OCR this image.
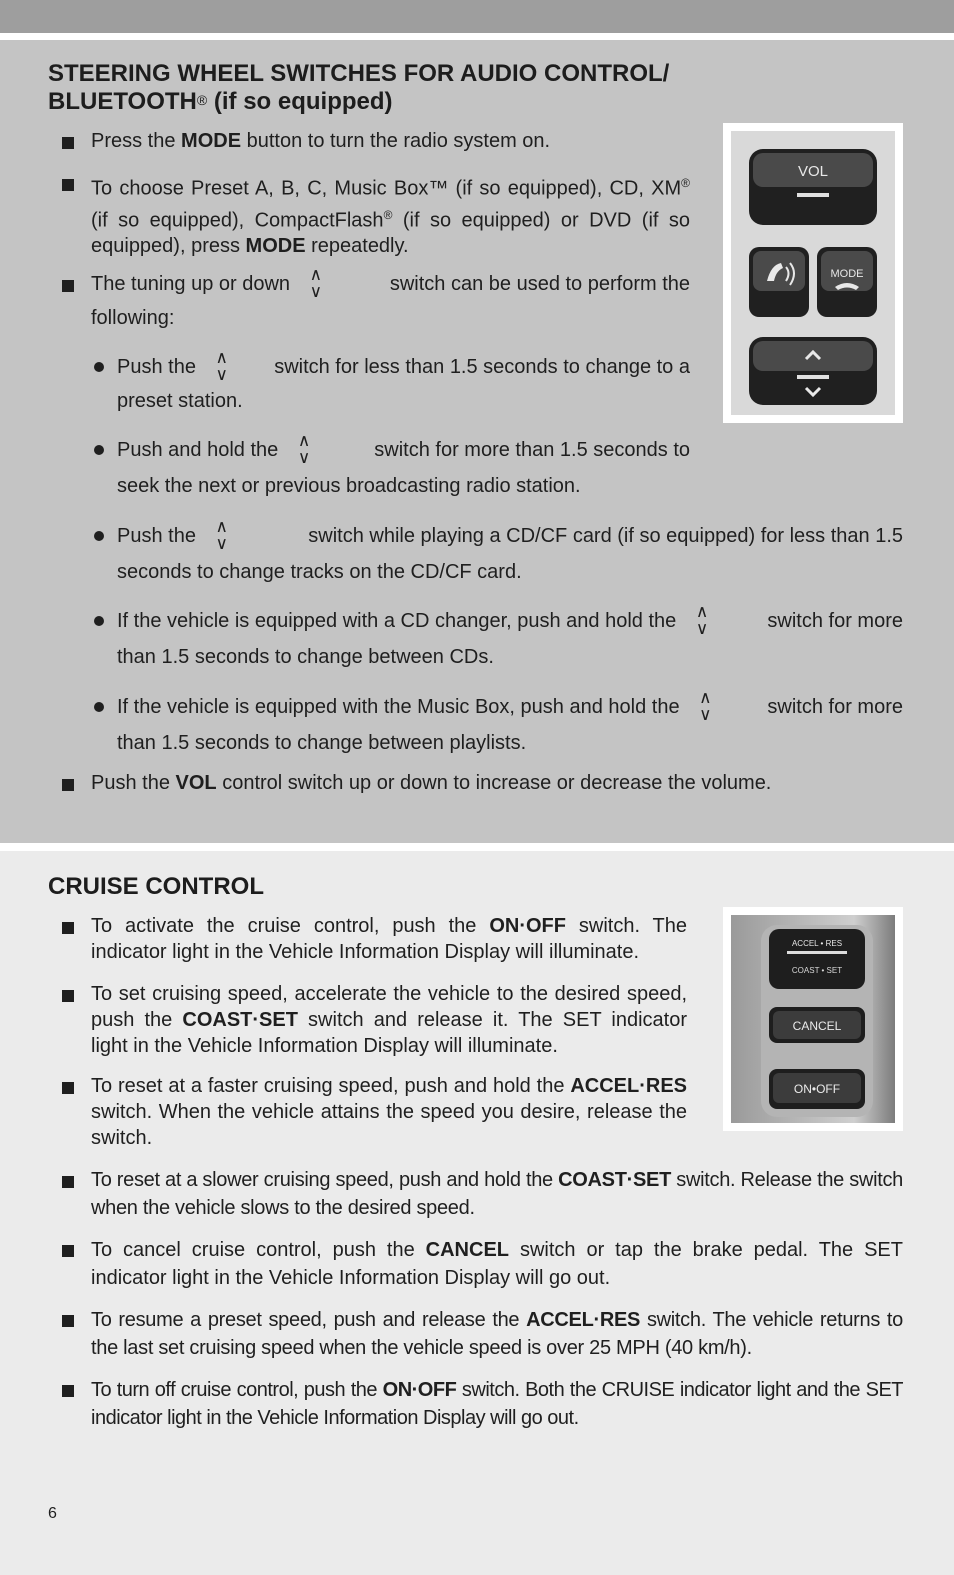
STEERING WHEEL SWITCHES FOR AUDIO CONTROL/
BLUETOOTH® (if so equipped)
VOL
MODE
Press the MODE button to turn the radio system on.
To choose Preset A, B, C, Music Box™ (if so equipped), CD, XM® (if so equipped), CompactFlash® (if so equipped) or DVD (if so equipped), press MODE repeatedly.
The tuning up or down ∧
∨	switch can be used to perform the
following:
Push the ∧
∨ switch for less than 1.5 seconds to change to a
preset station.
Push and hold the ∧
∨	switch for more than 1.5 seconds to
seek the next or previous broadcasting radio station.
Push the ∧
∨	switch while playing a CD/CF card (if so equipped) for less than 1.5
seconds to change tracks on the CD/CF card.
If the vehicle is equipped with a CD changer, push and hold the ∧
∨	switch for more
than 1.5 seconds to change between CDs.
If the vehicle is equipped with the Music Box, push and hold the ∧
∨	switch for more
than 1.5 seconds to change between playlists.
Push the VOL control switch up or down to increase or decrease the volume.
CRUISE CONTROL
ACCEL • RES
COAST • SET
CANCEL
ON•OFF
To activate the cruise control, push the ON·OFF switch. The indicator light in the Vehicle Information Display will illuminate.
To set cruising speed, accelerate the vehicle to the desired speed, push the COAST·SET switch and release it. The SET indicator light in the Vehicle Information Display will illuminate.
To reset at a faster cruising speed, push and hold the ACCEL·RES switch. When the vehicle attains the speed you desire, release the switch.
To reset at a slower cruising speed, push and hold the COAST·SET switch. Release the switch when the vehicle slows to the desired speed.
To cancel cruise control, push the CANCEL switch or tap the brake pedal. The SET indicator light in the Vehicle Information Display will go out.
To resume a preset speed, push and release the ACCEL·RES switch. The vehicle returns to the last set cruising speed when the vehicle speed is over 25 MPH (40 km/h).
To turn off cruise control, push the ON·OFF switch. Both the CRUISE indicator light and the SET indicator light in the Vehicle Information Display will go out.
6
